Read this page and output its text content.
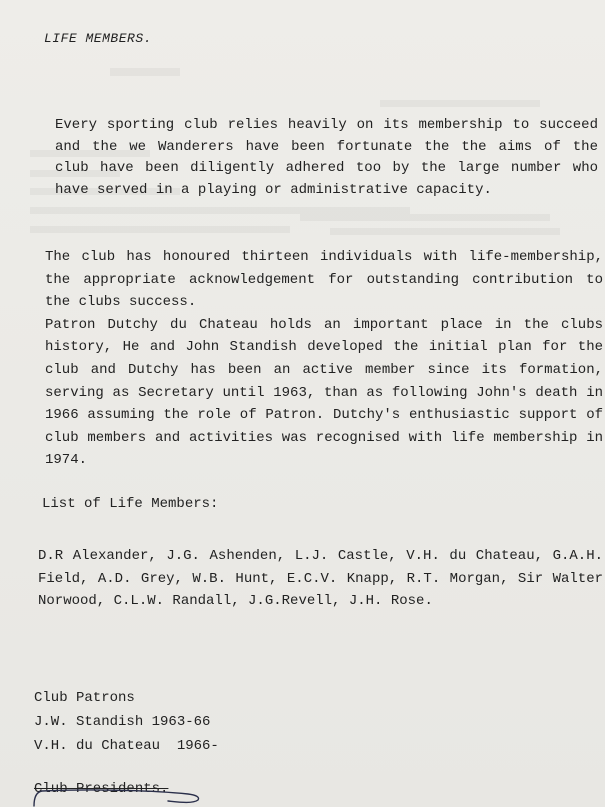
LIFE MEMBERS.

Every sporting club relies heavily on its membership to succeed and the we Wanderers have been fortunate the the aims of the club have been diligently adhered too by the large number who have served in a playing or administrative capacity.

The club has honoured thirteen individuals with life-membership, the appropriate acknowledgement for outstanding contribution to the clubs success.
Patron Dutchy du Chateau holds an important place in the clubs history, He and John Standish developed the initial plan for the club and Dutchy has been an active member since its formation, serving as Secretary until 1963, than as following John's death in 1966 assuming the role of Patron. Dutchy's enthusiastic support of club members and activities was recognised with life membership in 1974.
List of Life Members:

D.R Alexander, J.G. Ashenden, L.J. Castle, V.H. du Chateau, G.A.H. Field, A.D. Grey, W.B. Hunt, E.C.V. Knapp, R.T. Morgan, Sir Walter Norwood, C.L.W. Randall, J.G.Revell, J.H. Rose.

Club Patrons
J.W. Standish 1963-66
V.H. du Chateau  1966-
Club Presidents.
